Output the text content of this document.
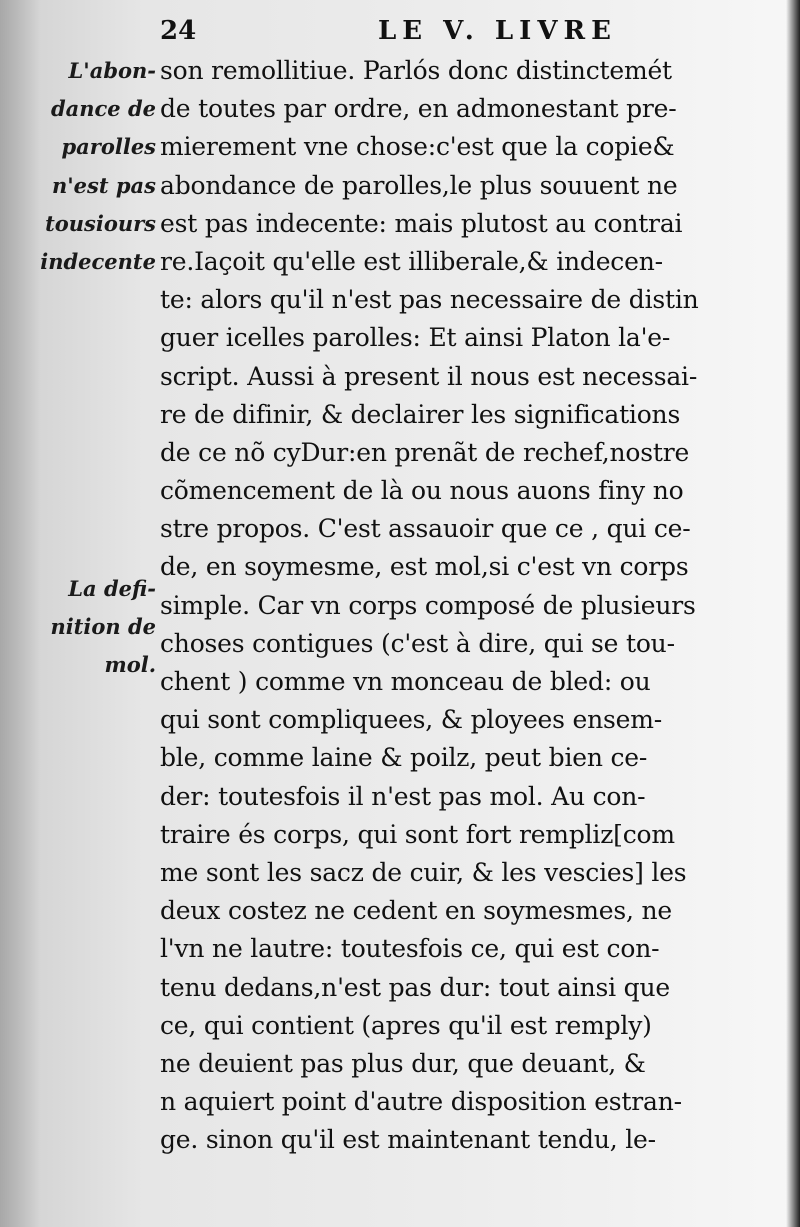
24	LE V. LIVRE
L'abon-
dance de
parolles
n'est pas
tousiours
indecente
La defi-
nition de
mol.
son remollitiue. Parlós donc distinctemét
de toutes par ordre, en admonestant pre-
mierement vne chose:c'est que la copie&
abondance de parolles,le plus souuent ne
est pas indecente: mais plutost au contrai
re.Iaçoit qu'elle est illiberale,& indecen-
te: alors qu'il n'est pas necessaire de distin
guer icelles parolles: Et ainsi Platon la'e-
script. Aussi à present il nous est necessai-
re de difinir, & declairer les significations
de ce nõ cyDur:en prenãt de rechef,nostre
cõmencement de là ou nous auons finy no
stre propos. C'est assauoir que ce , qui ce-
de, en soymesme, est mol,si c'est vn corps
simple. Car vn corps composé de plusieurs
choses contigues (c'est à dire, qui se tou-
chent ) comme vn monceau de bled: ou
qui sont compliquees, & ployees ensem-
ble, comme laine & poilz, peut bien ce-
der: toutesfois il n'est pas mol. Au con-
traire és corps, qui sont fort rempliz[com
me sont les sacz de cuir, & les vescies] les
deux costez ne cedent en soymesmes, ne
l'vn ne lautre: toutesfois ce, qui est con-
tenu dedans,n'est pas dur: tout ainsi que
ce, qui contient (apres qu'il est remply)
ne deuient pas plus dur, que deuant, &
n aquiert point d'autre disposition estran-
ge. sinon qu'il est maintenant tendu, le-
